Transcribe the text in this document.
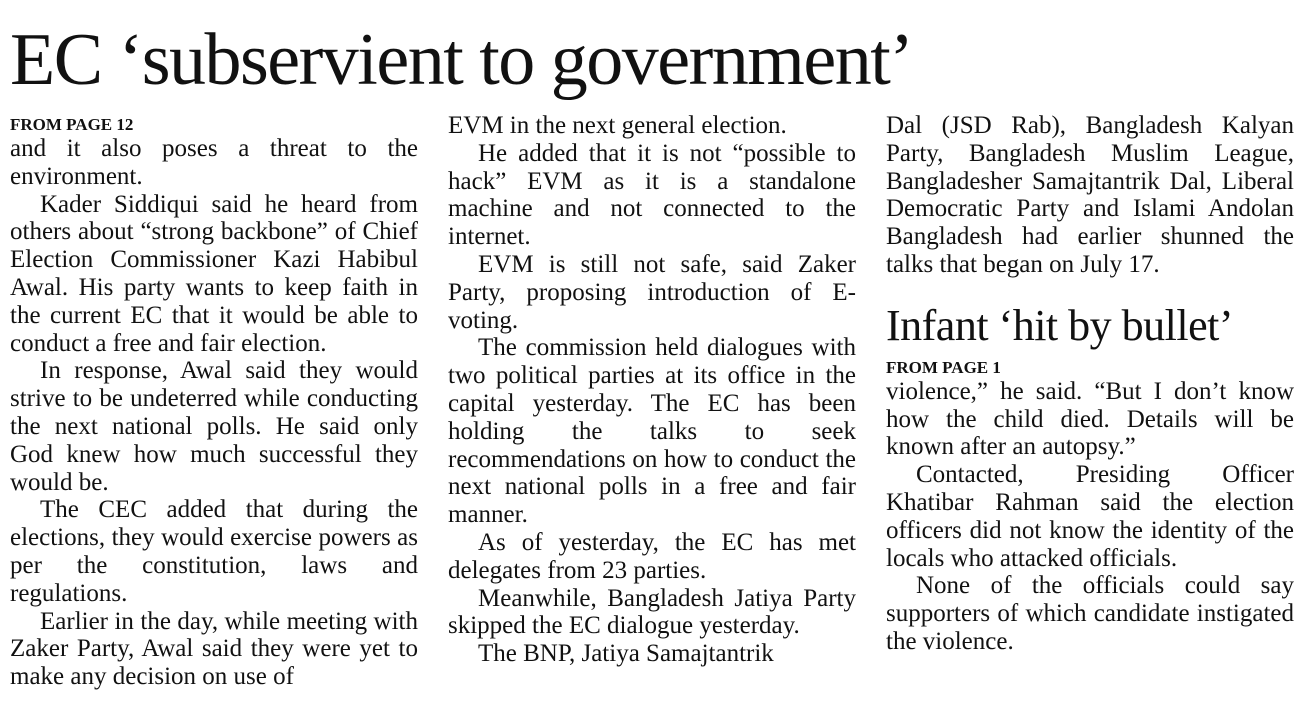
EC ‘subservient to government’
FROM PAGE 12

and it also poses a threat to the environment.

Kader Siddiqui said he heard from others about “strong backbone” of Chief Election Commissioner Kazi Habibul Awal. His party wants to keep faith in the current EC that it would be able to conduct a free and fair election.

In response, Awal said they would strive to be undeterred while conducting the next national polls. He said only God knew how much successful they would be.

The CEC added that during the elections, they would exercise powers as per the constitution, laws and regulations.

Earlier in the day, while meeting with Zaker Party, Awal said they were yet to make any decision on use of

EVM in the next general election.

He added that it is not “possible to hack” EVM as it is a standalone machine and not connected to the internet.

EVM is still not safe, said Zaker Party, proposing introduction of E-voting.

The commission held dialogues with two political parties at its office in the capital yesterday. The EC has been holding the talks to seek recommendations on how to conduct the next national polls in a free and fair manner.

As of yesterday, the EC has met delegates from 23 parties.

Meanwhile, Bangladesh Jatiya Party skipped the EC dialogue yesterday.

The BNP, Jatiya Samajtantrik

Dal (JSD Rab), Bangladesh Kalyan Party, Bangladesh Muslim League, Bangladesher Samajtantrik Dal, Liberal Democratic Party and Islami Andolan Bangladesh had earlier shunned the talks that began on July 17.

Infant ‘hit by bullet’
FROM PAGE 1

violence,” he said. “But I don’t know how the child died. Details will be known after an autopsy.”

Contacted, Presiding Officer Khatibar Rahman said the election officers did not know the identity of the locals who attacked officials.

None of the officials could say supporters of which candidate instigated the violence.
